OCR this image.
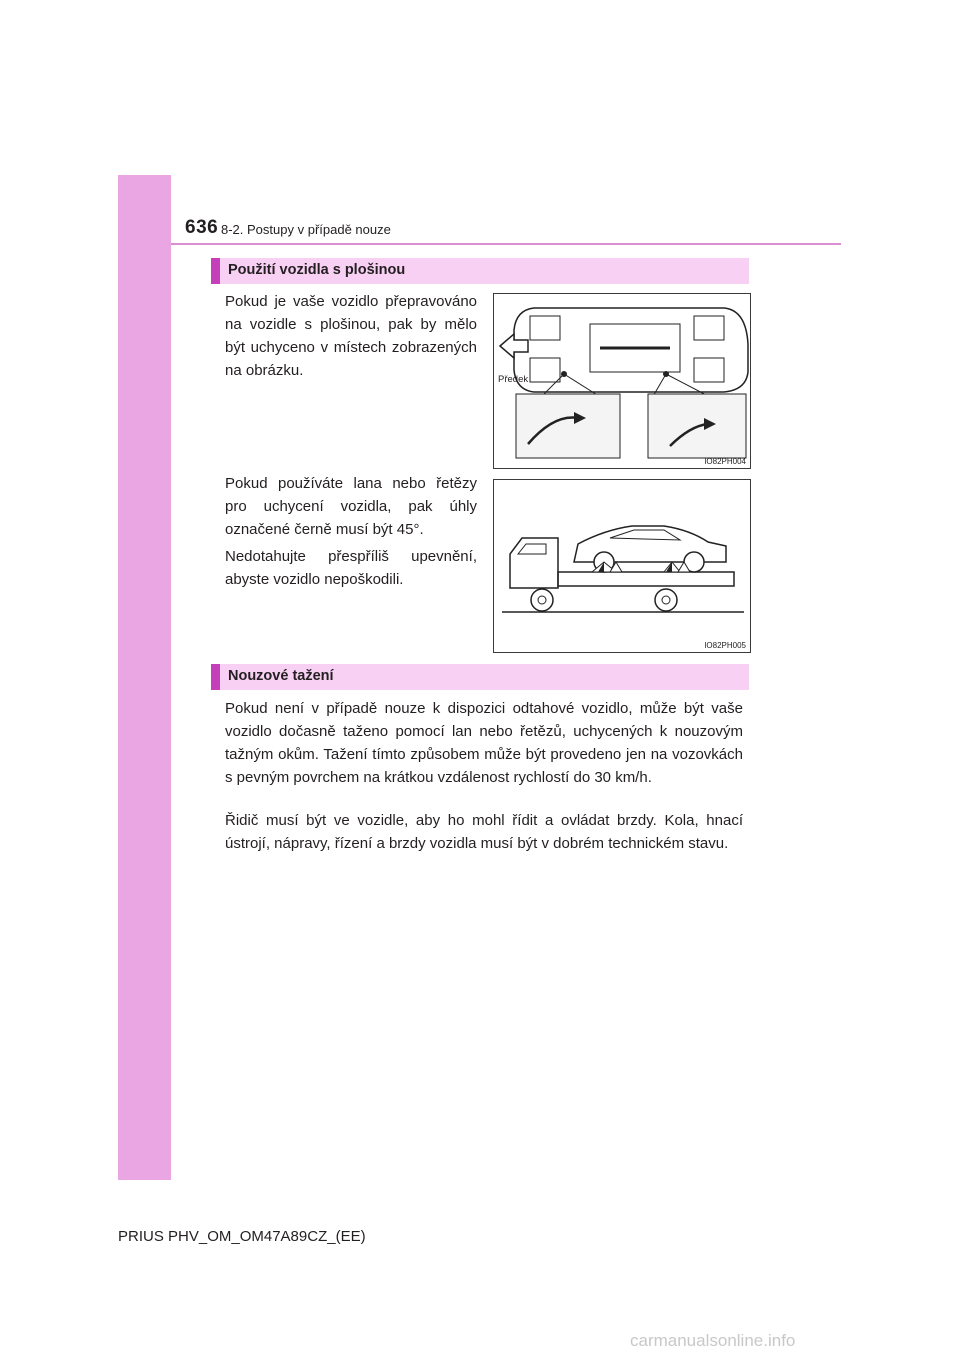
636 8-2. Postupy v případě nouze
Použití vozidla s plošinou
Pokud je vaše vozidlo přepravováno na vozidle s plošinou, pak by mělo být uchyceno v místech zobrazených na obrázku.
Pokud používáte lana nebo řetězy pro uchycení vozidla, pak úhly označené černě musí být 45°.
Nedotahujte přespříliš upevnění, abyste vozidlo nepoškodili.
Předek
IO82PH004
IO82PH005
Nouzové tažení
Pokud není v případě nouze k dispozici odtahové vozidlo, může být vaše vozidlo dočasně taženo pomocí lan nebo řetězů, uchycených k nouzovým tažným okům. Tažení tímto způsobem může být provedeno jen na vozovkách s pevným povrchem na krátkou vzdálenost rychlostí do 30 km/h.
Řidič musí být ve vozidle, aby ho mohl řídit a ovládat brzdy. Kola, hnací ústrojí, nápravy, řízení a brzdy vozidla musí být v dobrém technickém stavu.
PRIUS PHV_OM_OM47A89CZ_(EE)
carmanualsonline.info
